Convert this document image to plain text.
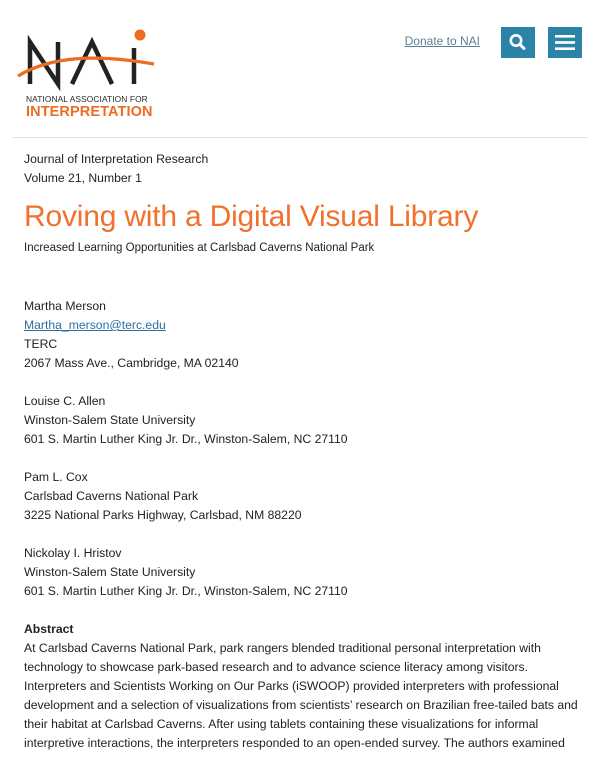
NATIONAL ASSOCIATION FOR
INTERPRETATION
Donate to NAI
Journal of Interpretation Research
Volume 21, Number 1
Roving with a Digital Visual Library
Increased Learning Opportunities at Carlsbad Caverns National Park
Martha Merson
Martha_merson@terc.edu
TERC
2067 Mass Ave., Cambridge, MA 02140
Louise C. Allen
Winston-Salem State University
601 S. Martin Luther King Jr. Dr., Winston-Salem, NC 27110
Pam L. Cox
Carlsbad Caverns National Park
3225 National Parks Highway, Carlsbad, NM 88220
Nickolay I. Hristov
Winston-Salem State University
601 S. Martin Luther King Jr. Dr., Winston-Salem, NC 27110
Abstract

At Carlsbad Caverns National Park, park rangers blended traditional personal interpretation with technology to showcase park-based research and to advance science literacy among visitors. Interpreters and Scientists Working on Our Parks (iSWOOP) provided interpreters with professional development and a selection of visualizations from scientists’ research on Brazilian free-tailed bats and their habitat at Carlsbad Caverns. After using tablets containing these visualizations for informal interpretive interactions, the interpreters responded to an open-ended survey. The authors examined
